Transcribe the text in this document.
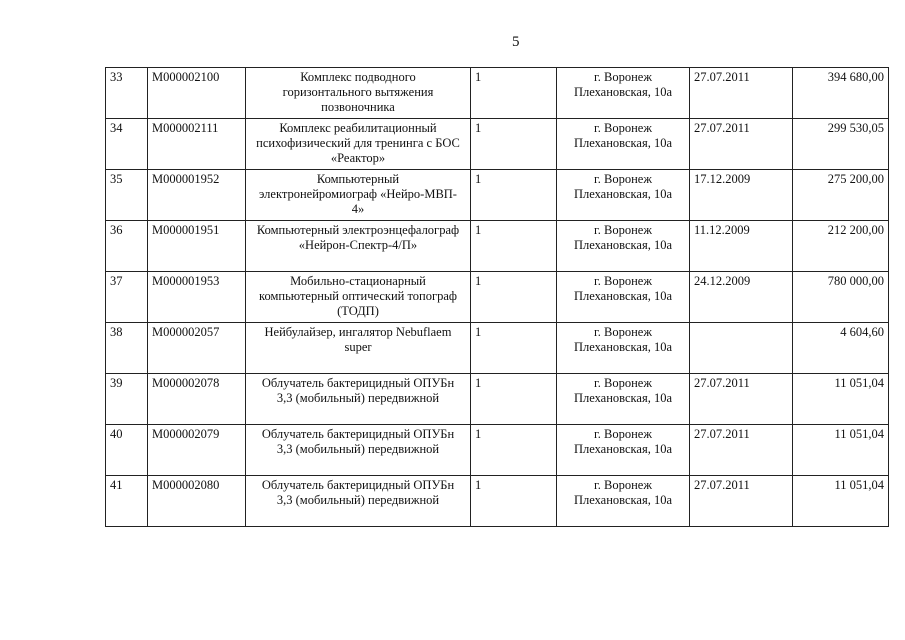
5
33	М000002100	Комплекс подводного
горизонтального вытяжения
позвоночника	1	г. Воронеж
Плехановская, 10а	27.07.2011	394 680,00
34	М000002111	Комплекс реабилитационный
психофизический для тренинга с БОС
«Реактор»	1	г. Воронеж
Плехановская, 10а	27.07.2011	299 530,05
35	М000001952	Компьютерный
электронейромиограф «Нейро-МВП-
4»	1	г. Воронеж
Плехановская, 10а	17.12.2009	275 200,00
36	М000001951	Компьютерный электроэнцефалограф
«Нейрон-Спектр-4/П»	1	г. Воронеж
Плехановская, 10а	11.12.2009	212 200,00
37	М000001953	Мобильно-стационарный
компьютерный оптический топограф
(ТОДП)	1	г. Воронеж
Плехановская, 10а	24.12.2009	780 000,00
38	М000002057	Нейбулайзер, ингалятор Nebuflaem
super	1	г. Воронеж
Плехановская, 10а		4 604,60
39	М000002078	Облучатель бактерицидный ОПУБн
3,3 (мобильный) передвижной	1	г. Воронеж
Плехановская, 10а	27.07.2011	11 051,04
40	М000002079	Облучатель бактерицидный ОПУБн
3,3 (мобильный) передвижной	1	г. Воронеж
Плехановская, 10а	27.07.2011	11 051,04
41	М000002080	Облучатель бактерицидный ОПУБн
3,3 (мобильный) передвижной	1	г. Воронеж
Плехановская, 10а	27.07.2011	11 051,04
